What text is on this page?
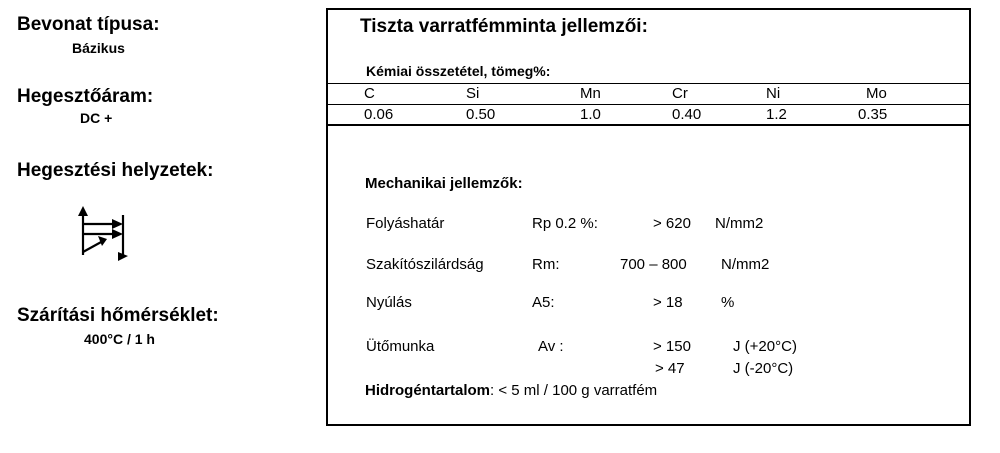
Bevonat típusa:
Bázikus
Hegesztőáram:
DC +
Hegesztési helyzetek:
Szárítási hőmérséklet:
400°C / 1 h
Tiszta varratfémminta jellemzői:
Kémiai összetétel, tömeg%:
C	Si	Mn	Cr	Ni	Mo
0.06	0.50	1.0	0.40	1.2	0.35
Mechanikai jellemzők:
Folyáshatár	Rp 0.2 %:	> 620 N/mm2
Szakítószilárdság	Rm:	700 – 800 N/mm2
Nyúlás	A5:	> 18	%
Ütőmunka	Av :	> 150	J (+20°C)
> 47	J (-20°C)
Hidrogéntartalom: < 5 ml / 100 g varratfém
